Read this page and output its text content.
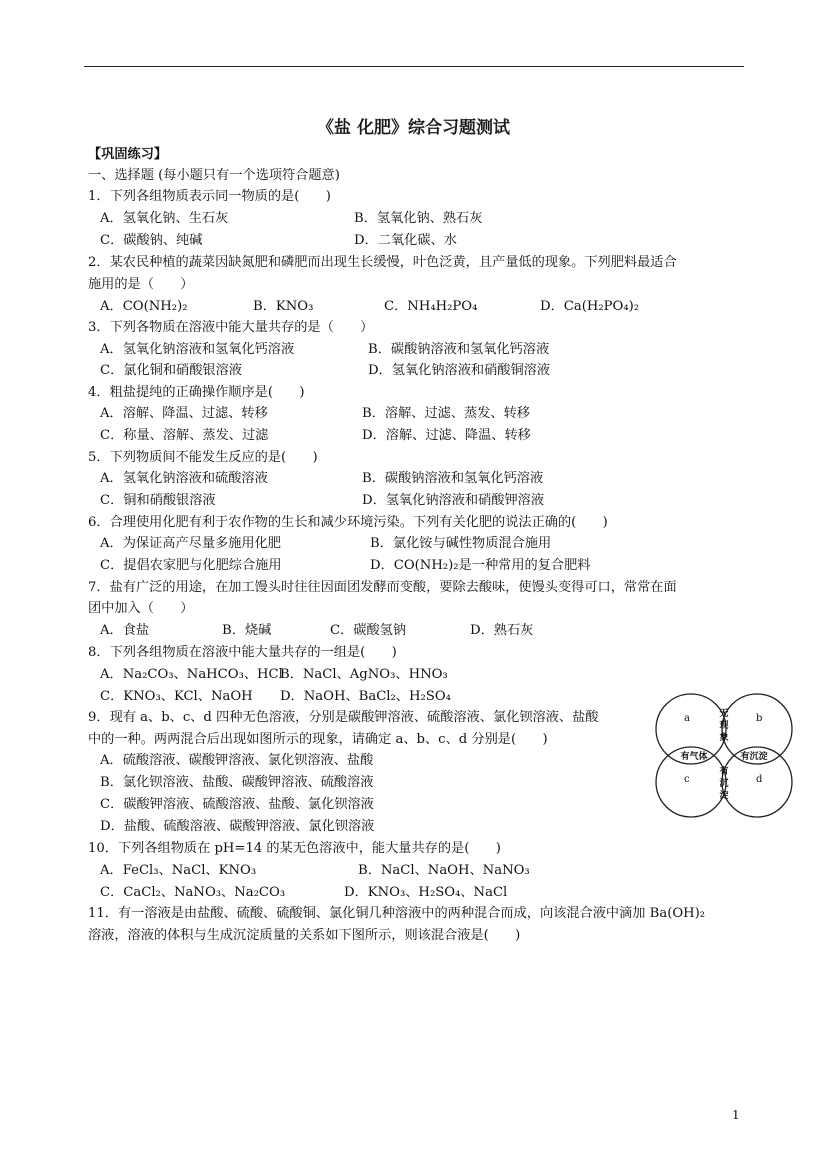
《盐 化肥》综合习题测试
【巩固练习】
一、选择题 (每小题只有一个选项符合题意)
1．下列各组物质表示同一物质的是(　　)
A．氢氧化钠、生石灰	B．氢氧化钠、熟石灰
C．碳酸钠、纯碱	D．二氧化碳、水
2．某农民种植的蔬菜因缺氮肥和磷肥而出现生长缓慢，叶色泛黄，且产量低的现象。下列肥料最适合
施用的是（　　）
A．CO(NH₂)₂	B．KNO₃	C．NH₄H₂PO₄	D．Ca(H₂PO₄)₂
3．下列各物质在溶液中能大量共存的是（　　）
A．氢氧化钠溶液和氢氧化钙溶液	B．碳酸钠溶液和氢氧化钙溶液
C．氯化铜和硝酸银溶液	D．氢氧化钠溶液和硝酸铜溶液
4．粗盐提纯的正确操作顺序是(　　)
A．溶解、降温、过滤、转移	B．溶解、过滤、蒸发、转移
C．称量、溶解、蒸发、过滤	D．溶解、过滤、降温、转移
5．下列物质间不能发生反应的是(　　)
A．氢氧化钠溶液和硫酸溶液	B．碳酸钠溶液和氢氧化钙溶液
C．铜和硝酸银溶液	D．氢氧化钠溶液和硝酸钾溶液
6．合理使用化肥有利于农作物的生长和减少环境污染。下列有关化肥的说法正确的(　　)
A．为保证高产尽量多施用化肥	B．氯化铵与碱性物质混合施用
C．提倡农家肥与化肥综合施用	D．CO(NH₂)₂是一种常用的复合肥料
7．盐有广泛的用途，在加工馒头时往往因面团发酵而变酸，要除去酸味，使馒头变得可口，常常在面
团中加入（　　）
A．食盐	B．烧碱	C．碳酸氢钠	D．熟石灰
8．下列各组物质在溶液中能大量共存的一组是(　　)
A．Na₂CO₃、NaHCO₃、HCl
B．NaCl、AgNO₃、HNO₃
C．KNO₃、KCl、NaOH D．NaOH、BaCl₂、H₂SO₄
9．现有 a、b、c、d 四种无色溶液，分别是碳酸钾溶液、硫酸溶液、氯化钡溶液、盐酸
中的一种。两两混合后出现如图所示的现象，请确定 a、b、c、d 分别是(　　)
A．硫酸溶液、碳酸钾溶液、氯化钡溶液、盐酸
B．氯化钡溶液、盐酸、碳酸钾溶液、硫酸溶液
C．碳酸钾溶液、硫酸溶液、盐酸、氯化钡溶液
D．盐酸、硫酸溶液、碳酸钾溶液、氯化钡溶液
a	b
c	d
无
现
象
有气体	有沉淀
有
沉
淀
10．下列各组物质在 pH=14 的某无色溶液中，能大量共存的是(　　)
A．FeCl₃、NaCl、KNO₃	B．NaCl、NaOH、NaNO₃
C．CaCl₂、NaNO₃、Na₂CO₃	D．KNO₃、H₂SO₄、NaCl
11．有一溶液是由盐酸、硫酸、硫酸铜、氯化铜几种溶液中的两种混合而成，向该混合液中滴加 Ba(OH)₂
溶液，溶液的体积与生成沉淀质量的关系如下图所示，则该混合液是(　　)
1
